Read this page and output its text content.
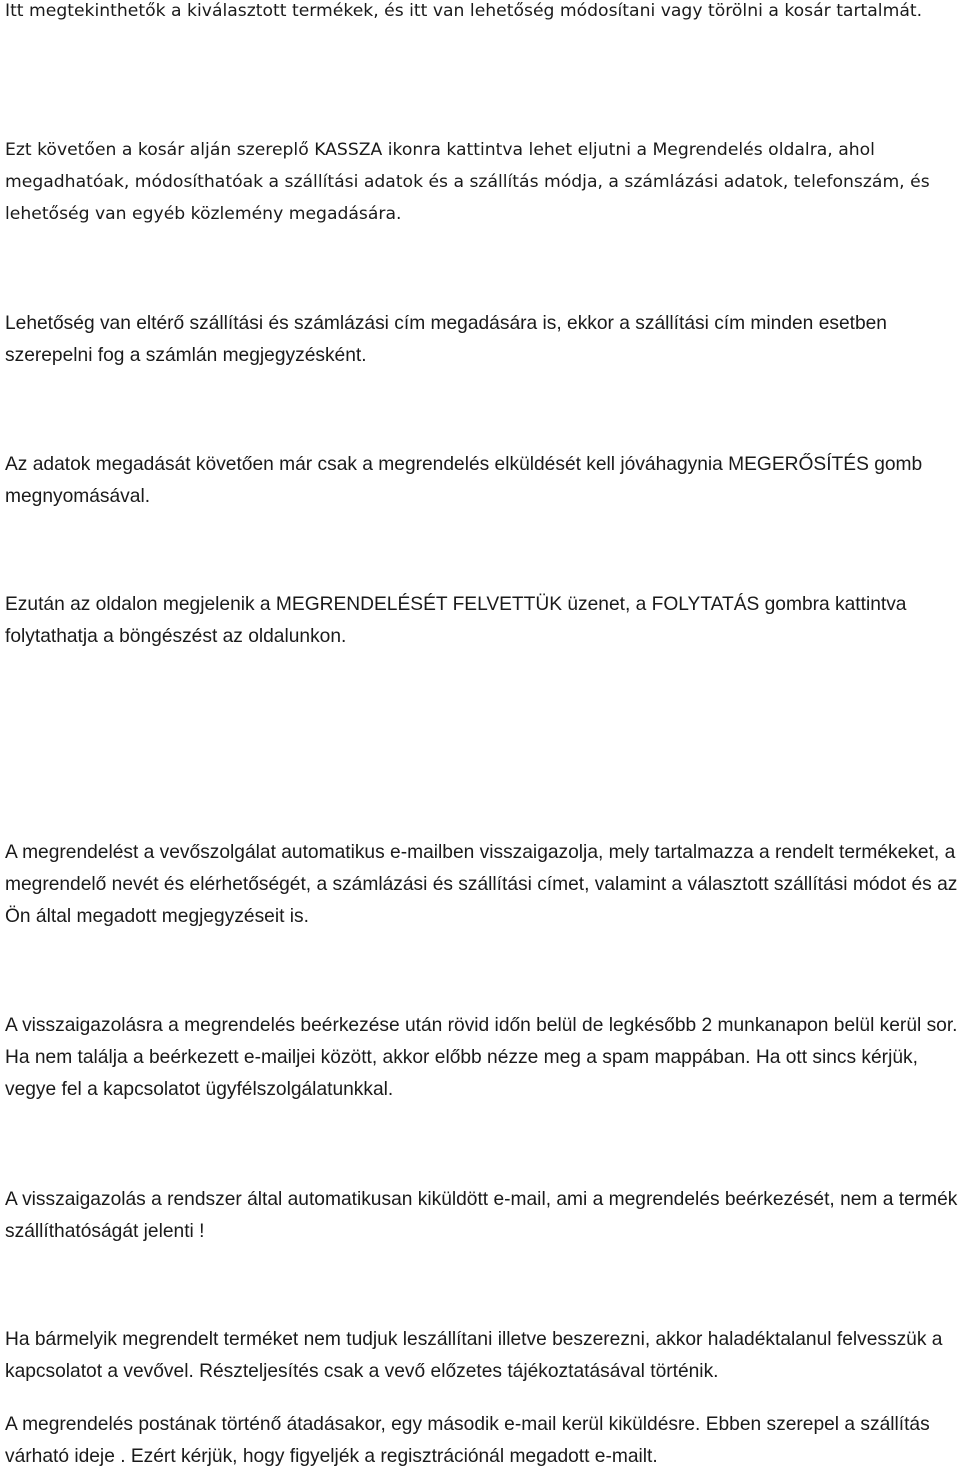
Itt megtekinthetők a kiválasztott termékek, és itt van lehetőség módosítani vagy törölni a kosár tartalmát.

Ezt követően a kosár alján szereplő KASSZA ikonra kattintva lehet eljutni a Megrendelés oldalra, ahol megadhatóak, módosíthatóak a szállítási adatok és a szállítás módja, a számlázási adatok, telefonszám, és lehetőség van egyéb közlemény megadására.

Lehetőség van eltérő szállítási és számlázási cím megadására is, ekkor a szállítási cím minden esetben szerepelni fog a számlán megjegyzésként.

Az adatok megadását követően már csak a megrendelés elküldését kell jóváhagynia MEGERŐSÍTÉS gomb megnyomásával.

Ezután az oldalon megjelenik a MEGRENDELÉSÉT FELVETTÜK üzenet, a FOLYTATÁS gombra kattintva folytathatja a böngészést az oldalunkon.

A megrendelést a vevőszolgálat automatikus e-mailben visszaigazolja, mely tartalmazza a rendelt termékeket, a megrendelő nevét és elérhetőségét, a számlázási és szállítási címet, valamint a választott szállítási módot és az Ön által megadott megjegyzéseit is.

A visszaigazolásra a megrendelés beérkezése után rövid időn belül de legkésőbb 2 munkanapon belül kerül sor. Ha nem találja a beérkezett e-mailjei között, akkor előbb nézze meg a spam mappában. Ha ott sincs kérjük, vegye fel a kapcsolatot ügyfélszolgálatunkkal.

A visszaigazolás a rendszer által automatikusan kiküldött e-mail, ami a megrendelés beérkezését, nem a termék szállíthatóságát jelenti !

Ha bármelyik megrendelt terméket nem tudjuk leszállítani illetve beszerezni, akkor haladéktalanul felvesszük a kapcsolatot a vevővel. Részteljesítés csak a vevő előzetes tájékoztatásával történik.

A megrendelés postának történő átadásakor, egy második e-mail kerül kiküldésre. Ebben szerepel a szállítás várható ideje . Ezért kérjük, hogy figyeljék a regisztrációnál megadott e-mailt.
